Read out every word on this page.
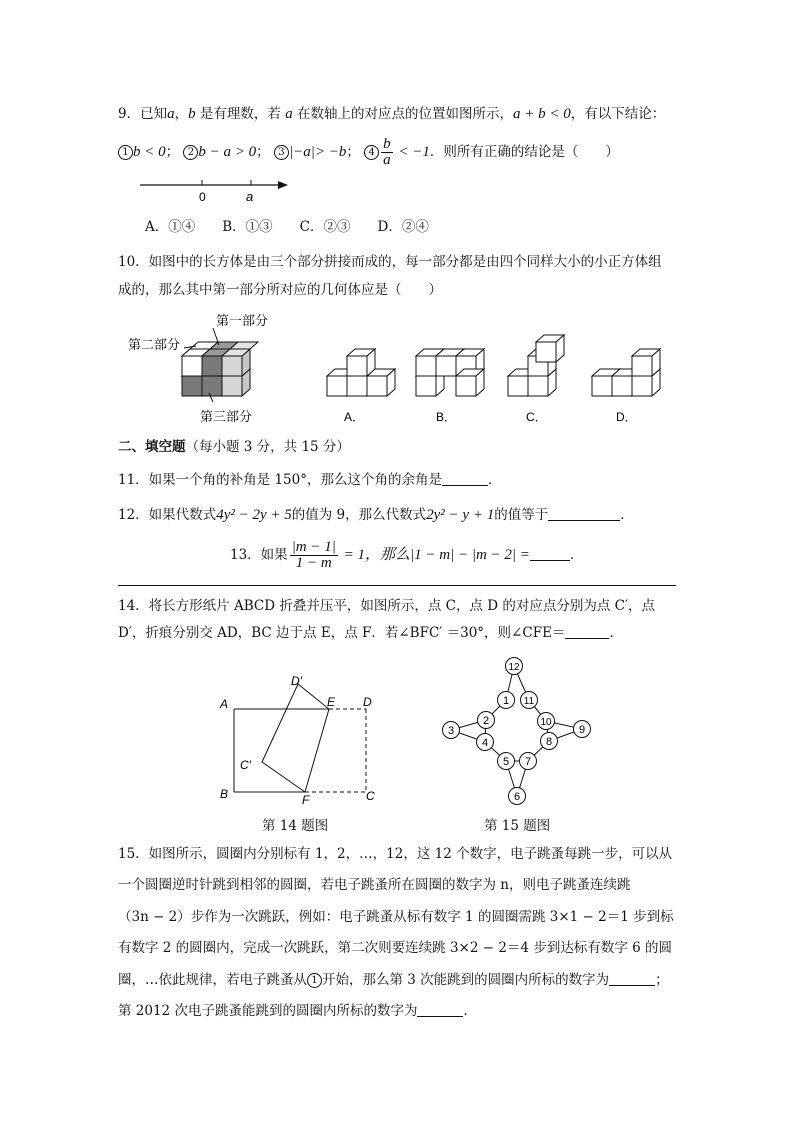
9．已知a，b 是有理数，若 a 在数轴上的对应点的位置如图所示，a + b < 0，有以下结论：
1 b < 0； 2 b − a > 0； 3 |−a|> −b； $4 \frac{b}{a} < -1$．则所有正确的结论是（　　）
0	a
A．①④　　B．①③　　C．②③　　D．②④
10．如图中的长方体是由三个部分拼接而成的，每一部分都是由四个同样大小的小正方体组
成的，那么其中第一部分所对应的几何体应是（　　）
第一部分
第二部分
第三部分	A．	B．	C．	D．
二、填空题（每小题 3 分，共 15 分）
11．如果一个角的补角是 150°，那么这个角的余角是	．
12．如果代数式4y² − 2y + 5的值为 9，那么代数式2y² − y + 1的值等于	．
13．如果 $\frac{|m - 1|}{1 - m} = 1$，那么|1 − m| − |m − 2| =	．
14．将长方形纸片 ABCD 折叠并压平，如图所示，点 C，点 D 的对应点分别为点 C′，点
D′，折痕分别交 AD，BC 边于点 E，点 F．若∠BFC′ ＝30°，则∠CFE＝	．
A
B	C
D
E
F
C′
D′
第 14 题图
1
2
3
4
5
6
7
8
9
10
11
12
第 15 题图
15．如图所示，圆圈内分别标有 1，2，…，12，这 12 个数字，电子跳蚤每跳一步，可以从
一个圆圈逆时针跳到相邻的圆圈，若电子跳蚤所在圆圈的数字为 n，则电子跳蚤连续跳
（3n − 2）步作为一次跳跃，例如：电子跳蚤从标有数字 1 的圆圈需跳 3×1 − 2＝1 步到标
有数字 2 的圆圈内，完成一次跳跃，第二次则要连续跳 3×2 − 2＝4 步到达标有数字 6 的圆
圈，…依此规律，若电子跳蚤从 1 开始，那么第 3 次能跳到的圆圈内所标的数字为	；
第 2012 次电子跳蚤能跳到的圆圈内所标的数字为	．
